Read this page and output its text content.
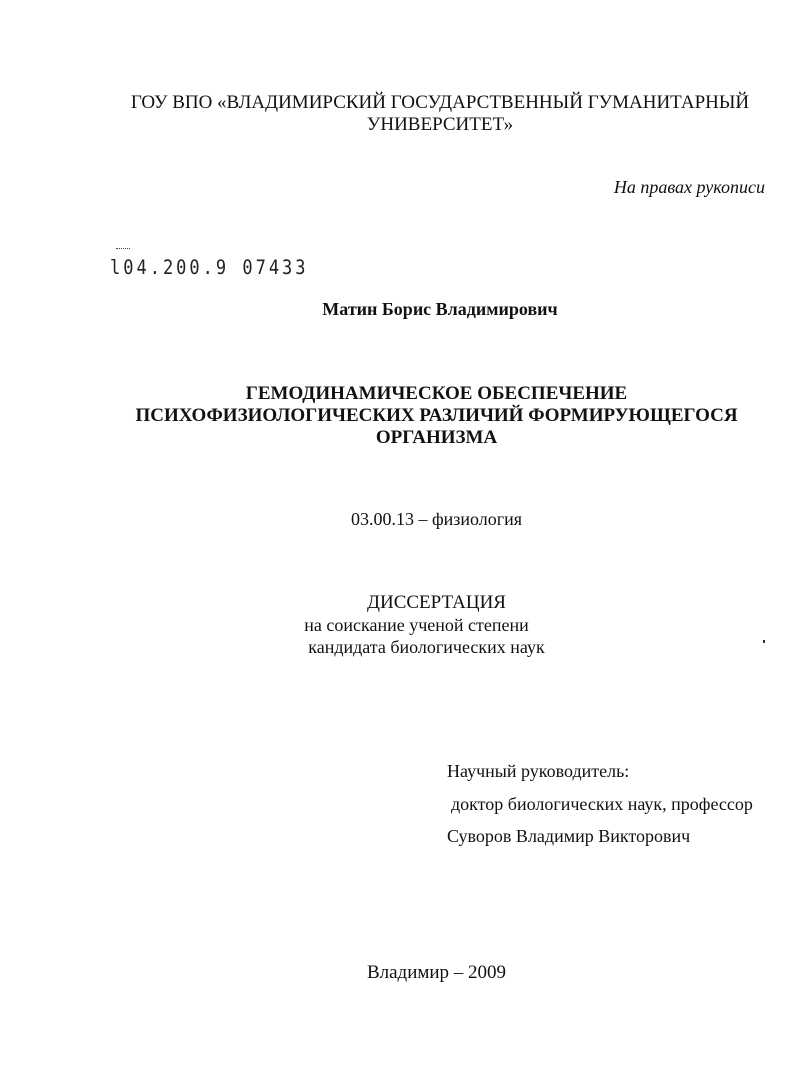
ГОУ ВПО «ВЛАДИМИРСКИЙ ГОСУДАРСТВЕННЫЙ ГУМАНИТАРНЫЙ
УНИВЕРСИТЕТ»
На правах рукописи
l04.200.9 07433
Матин Борис Владимирович
ГЕМОДИНАМИЧЕСКОЕ ОБЕСПЕЧЕНИЕ
ПСИХОФИЗИОЛОГИЧЕСКИХ РАЗЛИЧИЙ ФОРМИРУЮЩЕГОСЯ
ОРГАНИЗМА
03.00.13 – физиология
ДИССЕРТАЦИЯ
на соискание ученой степени
кандидата биологических наук
Научный руководитель:
доктор биологических наук, профессор
Суворов Владимир Викторович
Владимир – 2009
